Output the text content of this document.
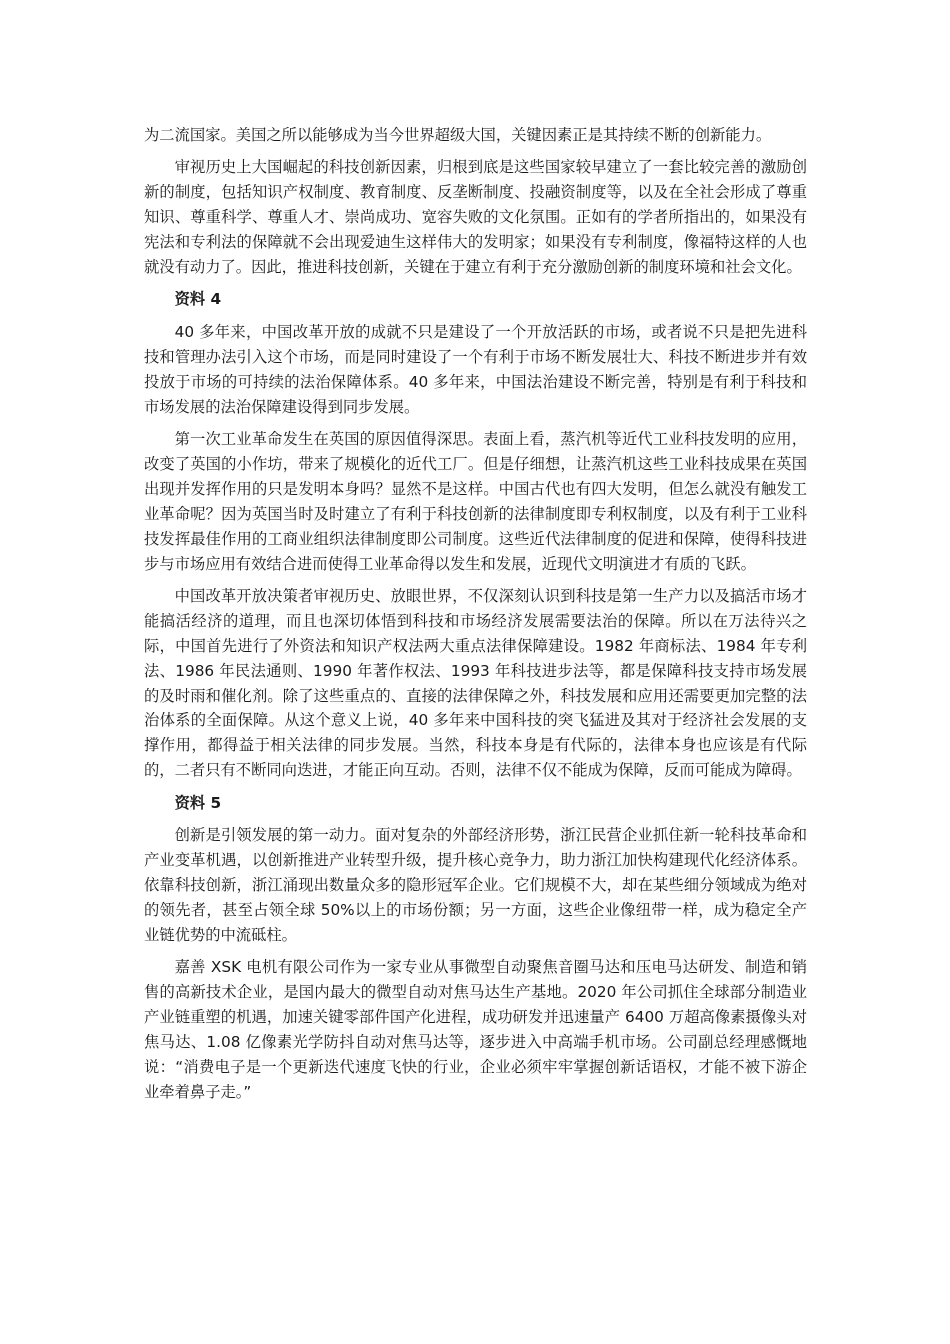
为二流国家。美国之所以能够成为当今世界超级大国，关键因素正是其持续不断的创新能力。

审视历史上大国崛起的科技创新因素，归根到底是这些国家较早建立了一套比较完善的激励创新的制度，包括知识产权制度、教育制度、反垄断制度、投融资制度等，以及在全社会形成了尊重知识、尊重科学、尊重人才、崇尚成功、宽容失败的文化氛围。正如有的学者所指出的，如果没有宪法和专利法的保障就不会出现爱迪生这样伟大的发明家；如果没有专利制度，像福特这样的人也就没有动力了。因此，推进科技创新，关键在于建立有利于充分激励创新的制度环境和社会文化。

资料 4

40 多年来，中国改革开放的成就不只是建设了一个开放活跃的市场，或者说不只是把先进科技和管理办法引入这个市场，而是同时建设了一个有利于市场不断发展壮大、科技不断进步并有效投放于市场的可持续的法治保障体系。40 多年来，中国法治建设不断完善，特别是有利于科技和市场发展的法治保障建设得到同步发展。

第一次工业革命发生在英国的原因值得深思。表面上看，蒸汽机等近代工业科技发明的应用，改变了英国的小作坊，带来了规模化的近代工厂。但是仔细想，让蒸汽机这些工业科技成果在英国出现并发挥作用的只是发明本身吗？显然不是这样。中国古代也有四大发明，但怎么就没有触发工业革命呢？因为英国当时及时建立了有利于科技创新的法律制度即专利权制度，以及有利于工业科技发挥最佳作用的工商业组织法律制度即公司制度。这些近代法律制度的促进和保障，使得科技进步与市场应用有效结合进而使得工业革命得以发生和发展，近现代文明演进才有质的飞跃。

中国改革开放决策者审视历史、放眼世界，不仅深刻认识到科技是第一生产力以及搞活市场才能搞活经济的道理，而且也深切体悟到科技和市场经济发展需要法治的保障。所以在万法待兴之际，中国首先进行了外资法和知识产权法两大重点法律保障建设。1982 年商标法、1984 年专利法、1986 年民法通则、1990 年著作权法、1993 年科技进步法等，都是保障科技支持市场发展的及时雨和催化剂。除了这些重点的、直接的法律保障之外，科技发展和应用还需要更加完整的法治体系的全面保障。从这个意义上说，40 多年来中国科技的突飞猛进及其对于经济社会发展的支撑作用，都得益于相关法律的同步发展。当然，科技本身是有代际的，法律本身也应该是有代际的，二者只有不断同向迭进，才能正向互动。否则，法律不仅不能成为保障，反而可能成为障碍。

资料 5

创新是引领发展的第一动力。面对复杂的外部经济形势，浙江民营企业抓住新一轮科技革命和产业变革机遇，以创新推进产业转型升级，提升核心竞争力，助力浙江加快构建现代化经济体系。依靠科技创新，浙江涌现出数量众多的隐形冠军企业。它们规模不大，却在某些细分领域成为绝对的领先者，甚至占领全球 50%以上的市场份额；另一方面，这些企业像纽带一样，成为稳定全产业链优势的中流砥柱。

嘉善 XSK 电机有限公司作为一家专业从事微型自动聚焦音圈马达和压电马达研发、制造和销售的高新技术企业，是国内最大的微型自动对焦马达生产基地。2020 年公司抓住全球部分制造业产业链重塑的机遇，加速关键零部件国产化进程，成功研发并迅速量产 6400 万超高像素摄像头对焦马达、1.08 亿像素光学防抖自动对焦马达等，逐步进入中高端手机市场。公司副总经理感慨地说：“消费电子是一个更新迭代速度飞快的行业，企业必须牢牢掌握创新话语权，才能不被下游企业牵着鼻子走。”
